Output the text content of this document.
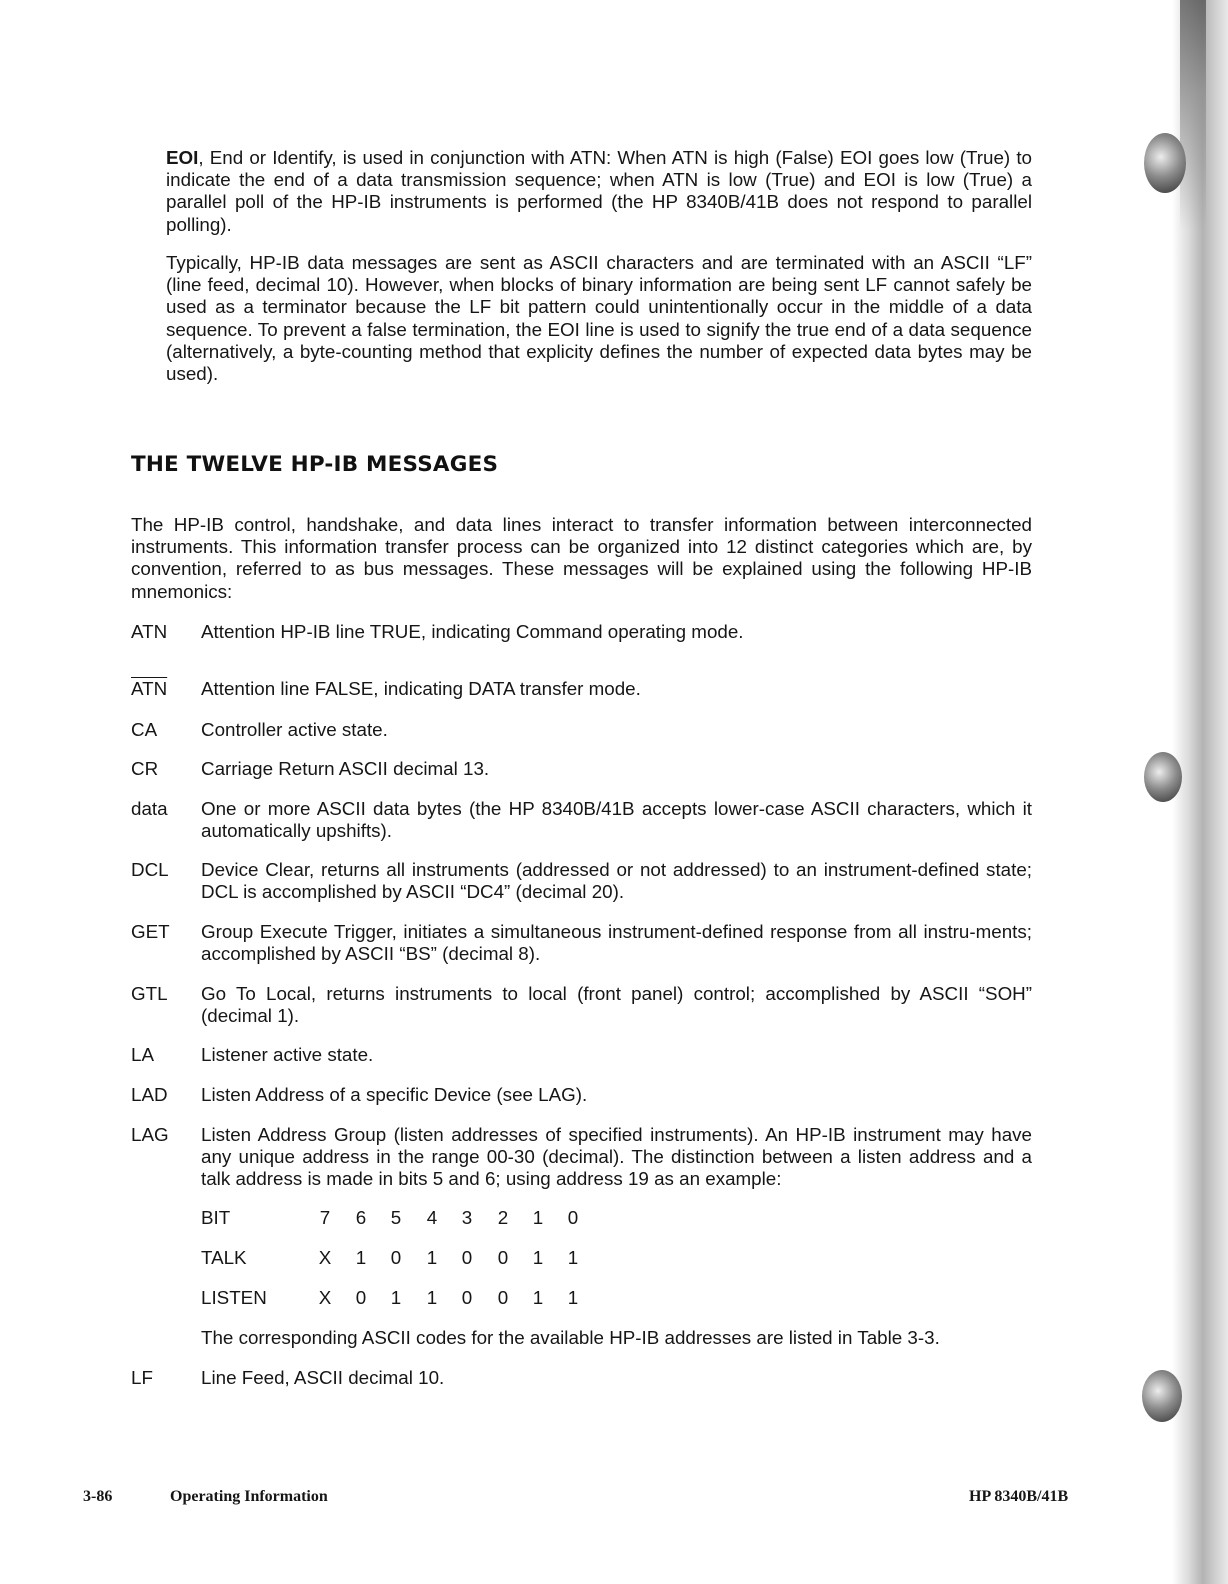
EOI, End or Identify, is used in conjunction with ATN: When ATN is high (False) EOI goes low (True) to indicate the end of a data transmission sequence; when ATN is low (True) and EOI is low (True) a parallel poll of the HP-IB instruments is performed (the HP 8340B/41B does not respond to parallel polling).

Typically, HP-IB data messages are sent as ASCII characters and are terminated with an ASCII “LF” (line feed, decimal 10). However, when blocks of binary information are being sent LF cannot safely be used as a terminator because the LF bit pattern could unintentionally occur in the middle of a data sequence. To prevent a false termination, the EOI line is used to signify the true end of a data sequence (alternatively, a byte-counting method that explicity defines the number of expected data bytes may be used).

THE TWELVE HP-IB MESSAGES

The HP-IB control, handshake, and data lines interact to transfer information between interconnected instruments. This information transfer process can be organized into 12 distinct categories which are, by convention, referred to as bus messages. These messages will be explained using the following HP-IB mnemonics:

ATN	Attention HP-IB line TRUE, indicating Command operating mode.
$\overline{ATN}$	Attention line FALSE, indicating DATA transfer mode.
CA	Controller active state.
CR	Carriage Return ASCII decimal 13.
data	One or more ASCII data bytes (the HP 8340B/41B accepts lower-case ASCII characters, which it automatically upshifts).
DCL	Device Clear, returns all instruments (addressed or not addressed) to an instrument-defined state; DCL is accomplished by ASCII “DC4” (decimal 20).
GET	Group Execute Trigger, initiates a simultaneous instrument-defined response from all instru-ments; accomplished by ASCII “BS” (decimal 8).
GTL	Go To Local, returns instruments to local (front panel) control; accomplished by ASCII “SOH” (decimal 1).
LA	Listener active state.
LAD	Listen Address of a specific Device (see LAG).
LAG	Listen Address Group (listen addresses of specified instruments). An HP-IB instrument may have any unique address in the range 00-30 (decimal). The distinction between a listen address and a talk address is made in bits 5 and 6; using address 19 as an example:
BIT	7 6 5 4 3 2 1 0
TALK	X 1 0 1 0 0 1 1
LISTEN	X 0 1 1 0 0 1 1
The corresponding ASCII codes for the available HP-IB addresses are listed in Table 3-3.
LF	Line Feed, ASCII decimal 10.
3-86	Operating Information	HP 8340B/41B
